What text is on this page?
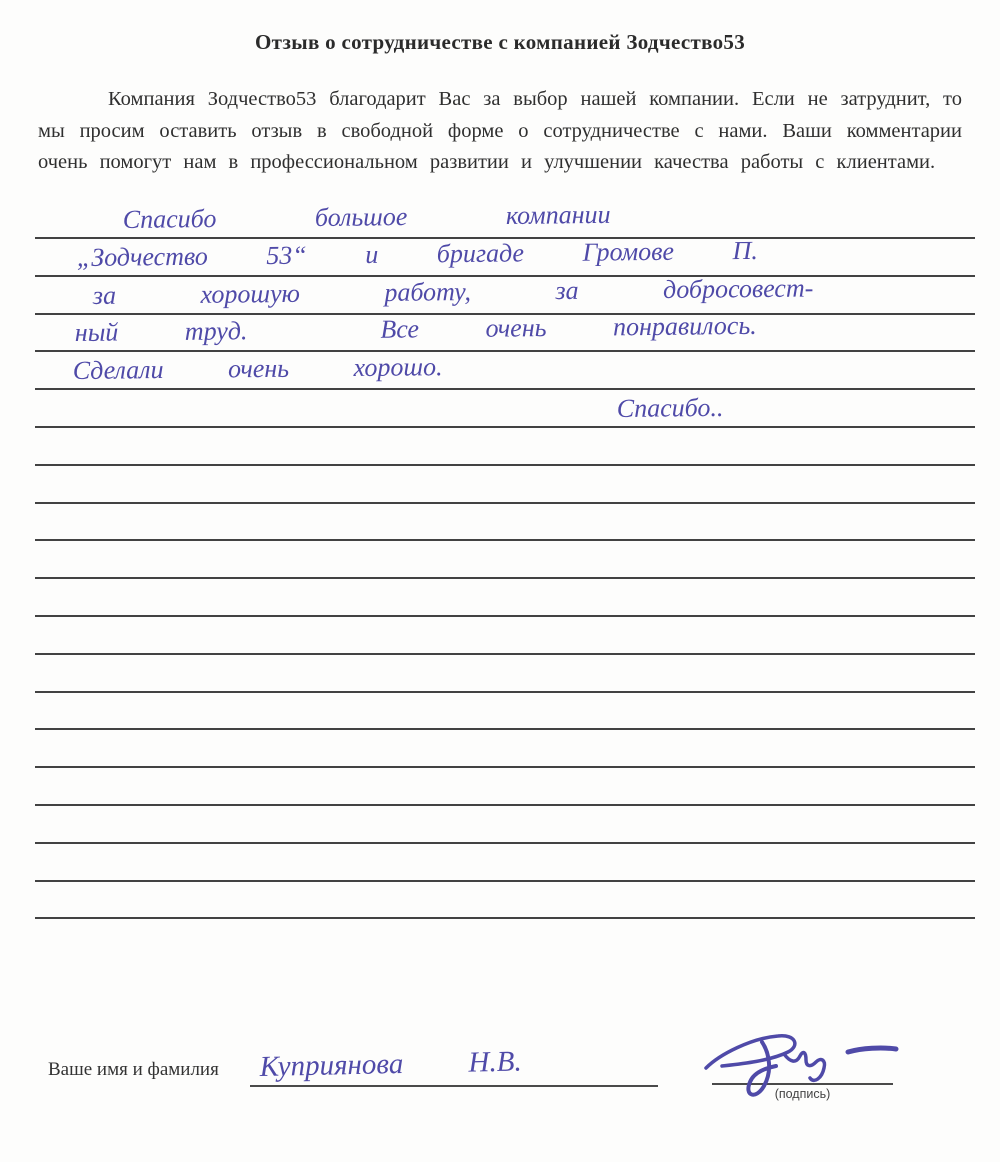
Отзыв о сотрудничестве с компанией Зодчество53
Компания Зодчество53 благодарит Вас за выбор нашей компании. Если не затруднит, то мы просим оставить отзыв в свободной форме о сотрудничестве с нами. Ваши комментарии очень помогут нам в профессиональном развитии и улучшении качества работы с клиентами.
Спасибо большое компании
„Зодчество 53“ и бригаде Громове П.
за хорошую работу, за добросовест-
ный труд.  Все очень понравилось.
Сделали очень хорошо.
Спасибо..
Ваше имя и фамилия Куприянова Н.В.
(подпись)
